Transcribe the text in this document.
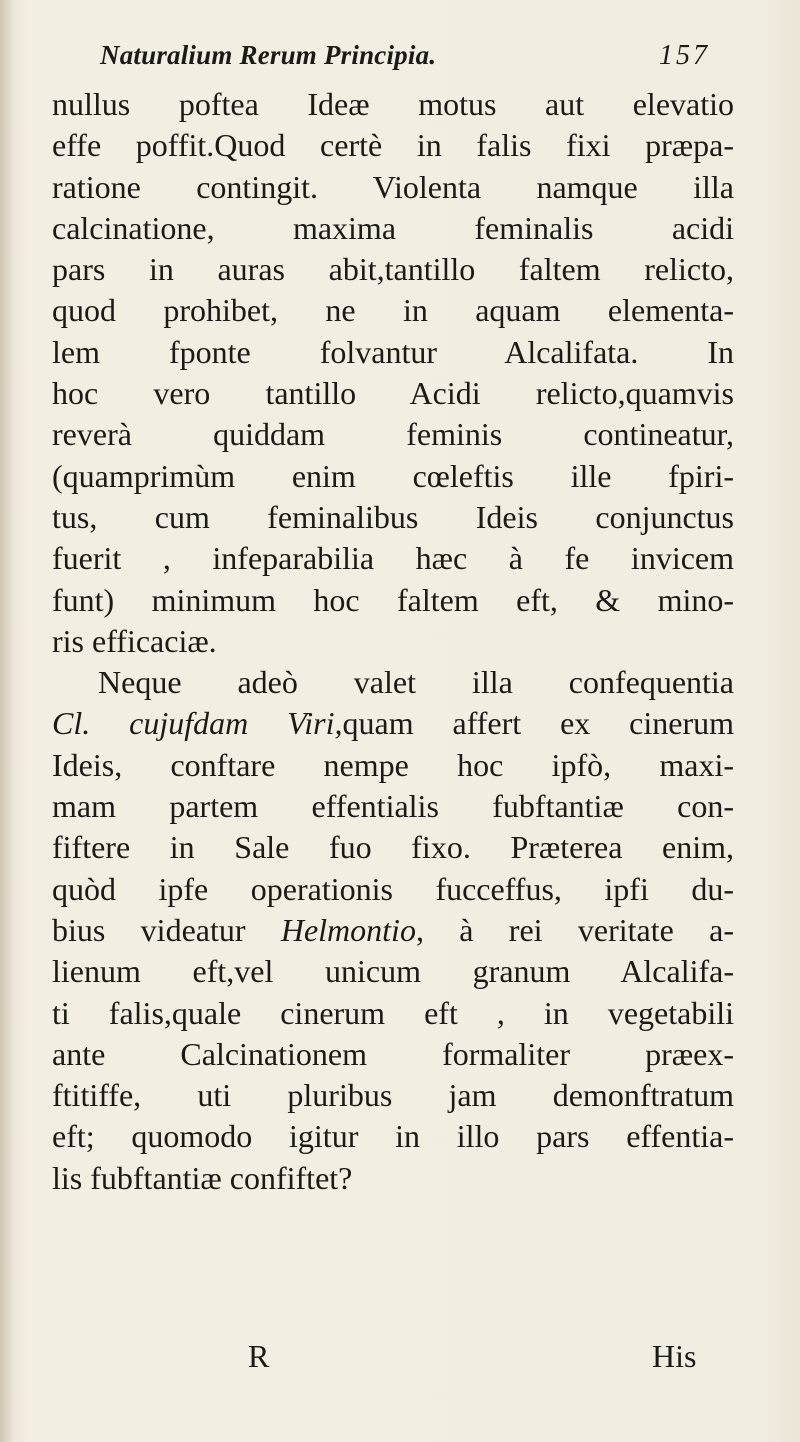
Naturalium Rerum Principia.	157
nullus poftea Ideæ motus aut elevatio
effe poffit.Quod certè in falis fixi præpa-
ratione contingit. Violenta namque illa
calcinatione, maxima feminalis acidi
pars in auras abit,tantillo faltem relicto,
quod prohibet, ne in aquam elementa-
lem fponte folvantur Alcalifata. In
hoc vero tantillo Acidi relicto,quamvis
reverà quiddam feminis contineatur,
(quamprimùm enim cœleftis ille fpiri-
tus, cum feminalibus Ideis conjunctus
fuerit , infeparabilia hæc à fe invicem
funt) minimum hoc faltem eft, & mino-
ris efficaciæ.
Neque adeò valet illa confequentia
Cl. cujufdam Viri,quam affert ex cinerum
Ideis, conftare nempe hoc ipfò, maxi-
mam partem effentialis fubftantiæ con-
fiftere in Sale fuo fixo. Præterea enim,
quòd ipfe operationis fucceffus, ipfi du-
bius videatur Helmontio, à rei veritate a-
lienum eft,vel unicum granum Alcalifa-
ti falis,quale cinerum eft , in vegetabili
ante Calcinationem formaliter præex-
ftitiffe, uti pluribus jam demonftratum
eft; quomodo igitur in illo pars effentia-
lis fubftantiæ confiftet?
R	His
